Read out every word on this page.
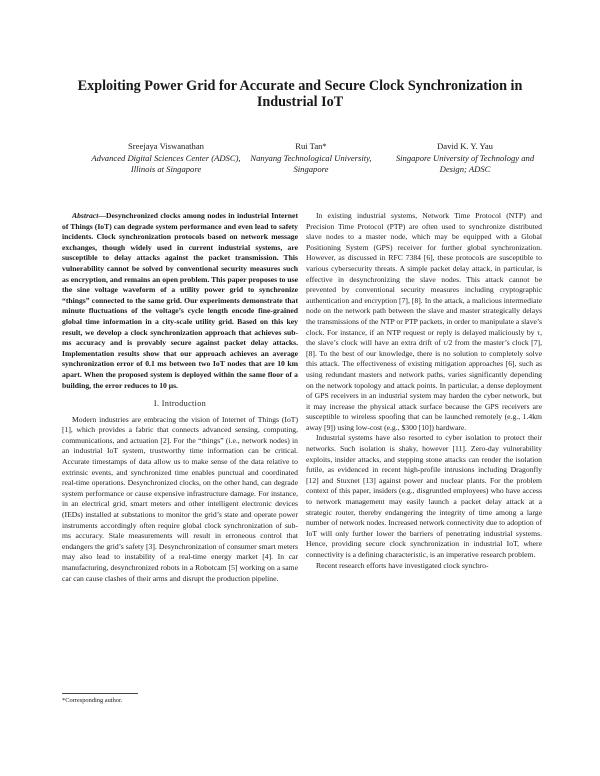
Exploiting Power Grid for Accurate and Secure Clock Synchronization in Industrial IoT
Sreejaya Viswanathan
Advanced Digital Sciences Center (ADSC), Illinois at Singapore
Rui Tan*
Nanyang Technological University, Singapore
David K. Y. Yau
Singapore University of Technology and Design; ADSC

Abstract—Desynchronized clocks among nodes in industrial Internet of Things (IoT) can degrade system performance and even lead to safety incidents. Clock synchronization protocols based on network message exchanges, though widely used in current industrial systems, are susceptible to delay attacks against the packet transmission. This vulnerability cannot be solved by conventional security measures such as encryption, and remains an open problem. This paper proposes to use the sine voltage waveform of a utility power grid to synchronize “things” connected to the same grid. Our experiments demonstrate that minute fluctuations of the voltage’s cycle length encode fine-grained global time information in a city-scale utility grid. Based on this key result, we develop a clock synchronization approach that achieves sub-ms accuracy and is provably secure against packet delay attacks. Implementation results show that our approach achieves an average synchronization error of 0.1 ms between two IoT nodes that are 10 km apart. When the proposed system is deployed within the same floor of a building, the error reduces to 10 μs.

I. Introduction

Modern industries are embracing the vision of Internet of Things (IoT) [1], which provides a fabric that connects advanced sensing, computing, communications, and actuation [2]. For the “things” (i.e., network nodes) in an industrial IoT system, trustworthy time information can be critical. Accurate timestamps of data allow us to make sense of the data relative to extrinsic events, and synchronized time enables punctual and coordinated real-time operations. Desynchronized clocks, on the other hand, can degrade system performance or cause expensive infrastructure damage. For instance, in an electrical grid, smart meters and other intelligent electronic devices (IEDs) installed at substations to monitor the grid’s state and operate power instruments accordingly often require global clock synchronization of sub-ms accuracy. Stale measurements will result in erroneous control that endangers the grid’s safety [3]. Desynchronization of consumer smart meters may also lead to instability of a real-time energy market [4]. In car manufacturing, desynchronized robots in a Robotcam [5] working on a same car can cause clashes of their arms and disrupt the production pipeline.

In existing industrial systems, Network Time Protocol (NTP) and Precision Time Protocol (PTP) are often used to synchronize distributed slave nodes to a master node, which may be equipped with a Global Positioning System (GPS) receiver for further global synchronization. However, as discussed in RFC 7384 [6], these protocols are susceptible to various cybersecurity threats. A simple packet delay attack, in particular, is effective in desynchronizing the slave nodes. This attack cannot be prevented by conventional security measures including cryptographic authentication and encryption [7], [8]. In the attack, a malicious intermediate node on the network path between the slave and master strategically delays the transmissions of the NTP or PTP packets, in order to manipulate a slave’s clock. For instance, if an NTP request or reply is delayed maliciously by τ, the slave’s clock will have an extra drift of τ/2 from the master’s clock [7], [8]. To the best of our knowledge, there is no solution to completely solve this attack. The effectiveness of existing mitigation approaches [6], such as using redundant masters and network paths, varies significantly depending on the network topology and attack points. In particular, a dense deployment of GPS receivers in an industrial system may harden the cyber network, but it may increase the physical attack surface because the GPS receivers are susceptible to wireless spoofing that can be launched remotely (e.g., 1.4km away [9]) using low-cost (e.g., $300 [10]) hardware.

Industrial systems have also resorted to cyber isolation to protect their networks. Such isolation is shaky, however [11]. Zero-day vulnerability exploits, insider attacks, and stepping stone attacks can render the isolation futile, as evidenced in recent high-profile intrusions including Dragonfly [12] and Stuxnet [13] against power and nuclear plants. For the problem context of this paper, insiders (e.g., disgruntled employees) who have access to network management may easily launch a packet delay attack at a strategic router, thereby endangering the integrity of time among a large number of network nodes. Increased network connectivity due to adoption of IoT will only further lower the barriers of penetrating industrial systems. Hence, providing secure clock synchronization in industrial IoT, where connectivity is a defining characteristic, is an imperative research problem.

Recent research efforts have investigated clock synchro-

*Corresponding author.
